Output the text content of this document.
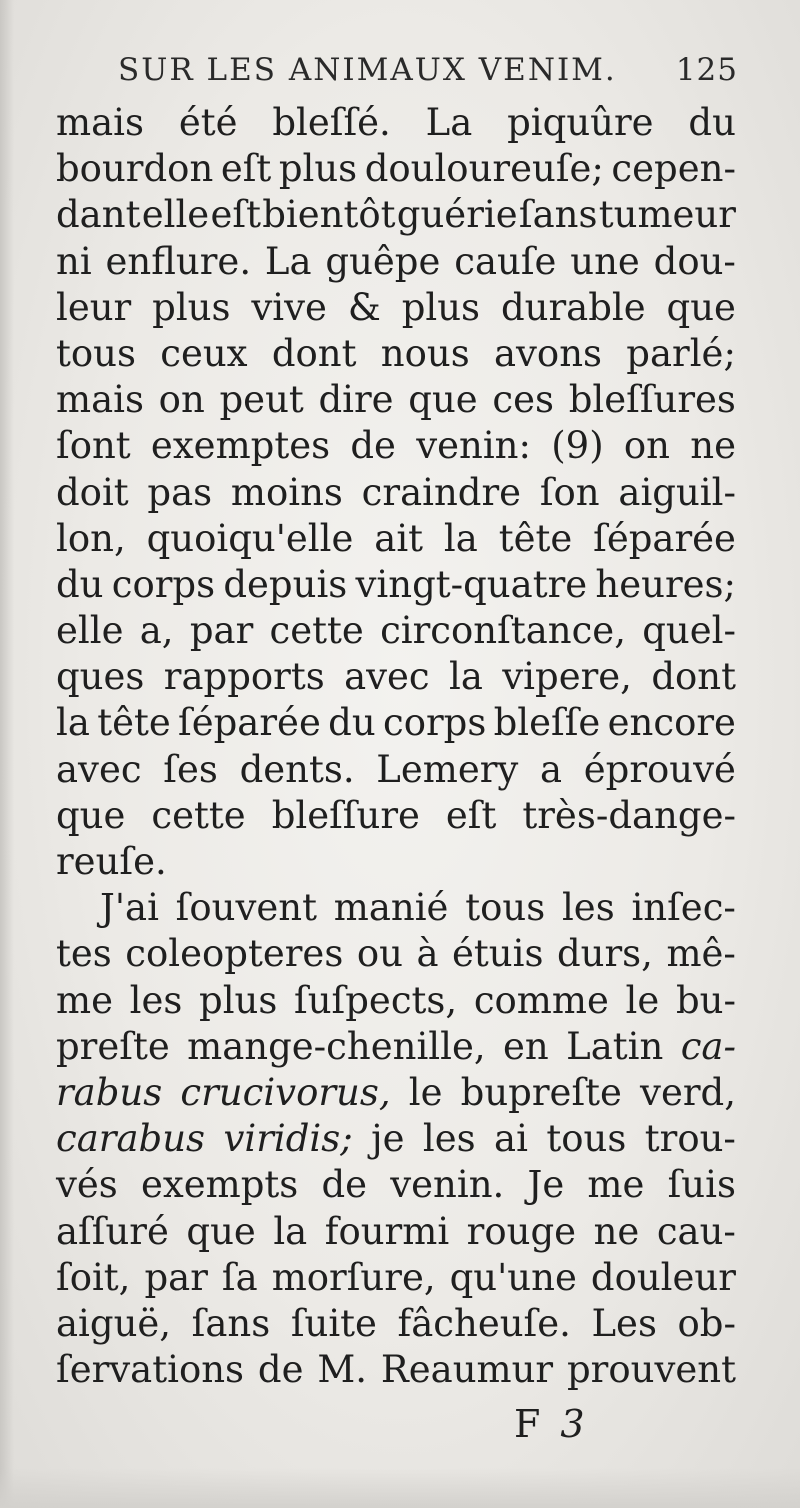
SUR LES ANIMAUX VENIM. 125
mais été bleſſé. La piquûre du
bourdon eſt plus douloureuſe; cepen-
dant elle eſt bientôt guérie ſans tumeur
ni enflure. La guêpe cauſe une dou-
leur plus vive & plus durable que
tous ceux dont nous avons parlé;
mais on peut dire que ces bleſſures
ſont exemptes de venin: (9) on ne
doit pas moins craindre ſon aiguil-
lon, quoiqu'elle ait la tête ſéparée
du corps depuis vingt-quatre heures;
elle a, par cette circonſtance, quel-
ques rapports avec la vipere, dont
la tête ſéparée du corps bleſſe encore
avec ſes dents. Lemery a éprouvé
que cette bleſſure eſt très-dange-
reuſe.
J'ai ſouvent manié tous les inſec-
tes coleopteres ou à étuis durs, mê-
me les plus ſuſpects, comme le bu-
preſte mange-chenille, en Latin ca-
rabus crucivorus, le bupreſte verd,
carabus viridis; je les ai tous trou-
vés exempts de venin. Je me ſuis
aſſuré que la fourmi rouge ne cau-
ſoit, par ſa morſure, qu'une douleur
aiguë, ſans ſuite fâcheuſe. Les ob-
ſervations de M. Reaumur prouvent
F 3
